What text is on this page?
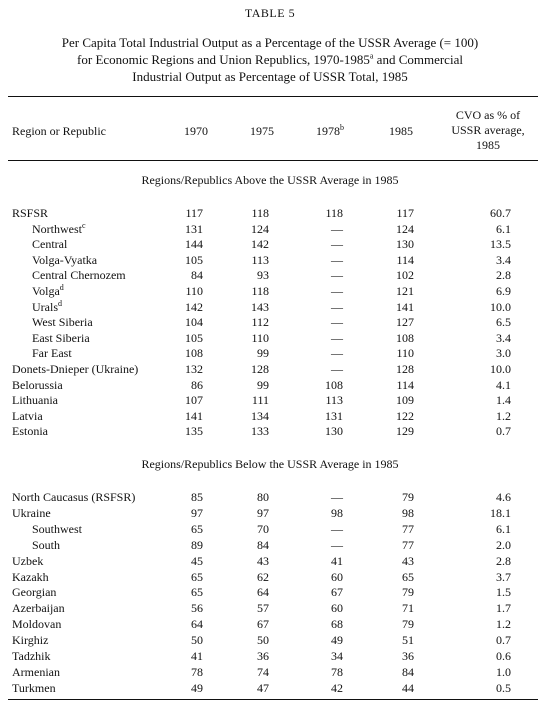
TABLE 5
Per Capita Total Industrial Output as a Percentage of the USSR Average (= 100)
for Economic Regions and Union Republics, 1970-1985$^a$ and Commercial
Industrial Output as Percentage of USSR Total, 1985
Region or Republic	1970	1975	1978$^b$	1985
CVO as % of
USSR average,
1985
Regions/Republics Above the USSR Average in 1985
RSFSR	117	118	118	117	60.7
Northwest$^c$	131	124	—	124	6.1
Central	144	142	—	130	13.5
Volga-Vyatka	105	113	—	114	3.4
Central Chernozem	84	93	—	102	2.8
Volga$^d$	110	118	—	121	6.9
Urals$^d$	142	143	—	141	10.0
West Siberia	104	112	—	127	6.5
East Siberia	105	110	—	108	3.4
Far East	108	99	—	110	3.0
Donets-Dnieper (Ukraine)	132	128	—	128	10.0
Belorussia	86	99	108	114	4.1
Lithuania	107	111	113	109	1.4
Latvia	141	134	131	122	1.2
Estonia	135	133	130	129	0.7
Regions/Republics Below the USSR Average in 1985
North Caucasus (RSFSR)	85	80	—	79	4.6
Ukraine	97	97	98	98	18.1
Southwest	65	70	—	77	6.1
South	89	84	—	77	2.0
Uzbek	45	43	41	43	2.8
Kazakh	65	62	60	65	3.7
Georgian	65	64	67	79	1.5
Azerbaijan	56	57	60	71	1.7
Moldovan	64	67	68	79	1.2
Kirghiz	50	50	49	51	0.7
Tadzhik	41	36	34	36	0.6
Armenian	78	74	78	84	1.0
Turkmen	49	47	42	44	0.5
